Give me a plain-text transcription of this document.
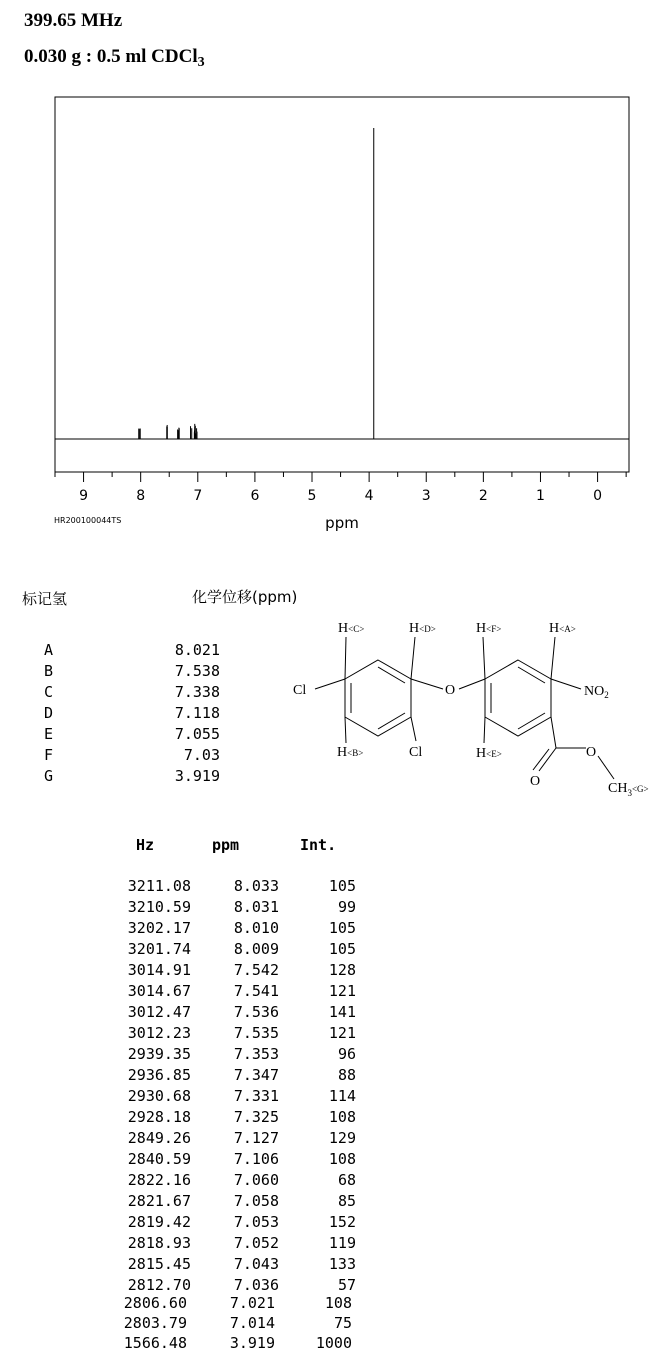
399.65 MHz
0.030 g : 0.5 ml CDCl$_3$
9	8	7	6	5	4	3	2	1	0
ppm
HR200100044TS
标记氢	化学位移(ppm)
A	8.021
B	7.538
C	7.338
D	7.118
E	7.055
F	7.03
G	3.919
H<C>	H<D>	H<F>	H<A>
Cl	O	$NO_2$
H<B>	Cl	H<E>	O
O	$CH_3^{<G>}$
Hz	ppm	Int.
3211.08	8.033	105
3210.59	8.031	99
3202.17	8.010	105
3201.74	8.009	105
3014.91	7.542	128
3014.67	7.541	121
3012.47	7.536	141
3012.23	7.535	121
2939.35	7.353	96
2936.85	7.347	88
2930.68	7.331	114
2928.18	7.325	108
2849.26	7.127	129
2840.59	7.106	108
2822.16	7.060	68
2821.67	7.058	85
2819.42	7.053	152
2818.93	7.052	119
2815.45	7.043	133
2812.70	7.036	57
2806.60	7.021	108
2803.79	7.014	75
1566.48	3.919	1000
